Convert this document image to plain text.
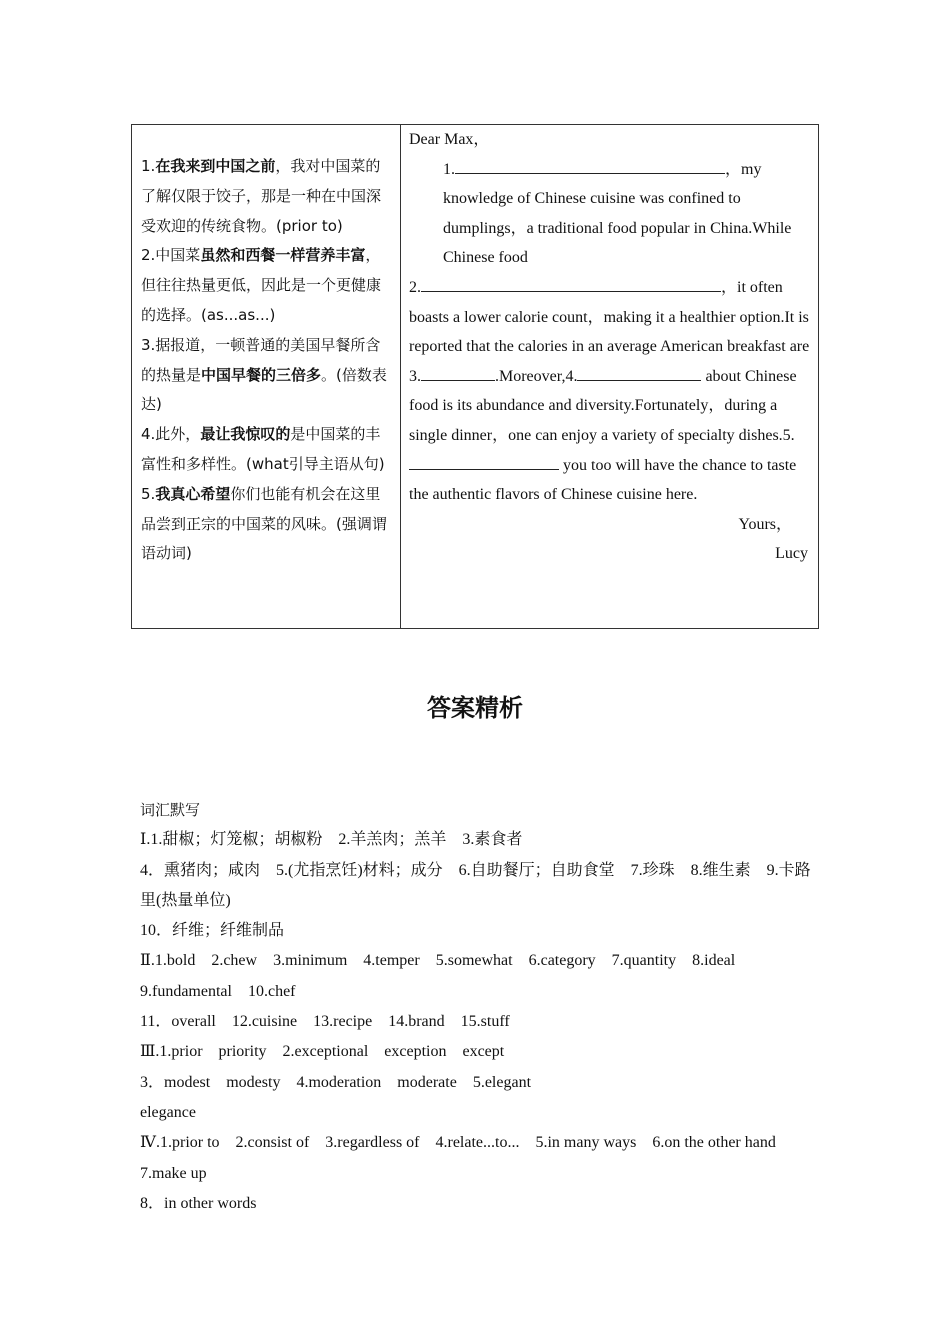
1.在我来到中国之前，我对中国菜的了解仅限于饺子，那是一种在中国深受欢迎的传统食物。(prior to)
2.中国菜虽然和西餐一样营养丰富，但往往热量更低，因此是一个更健康的选择。(as...as...)
3.据报道，一顿普通的美国早餐所含的热量是中国早餐的三倍多。(倍数表达)
4.此外，最让我惊叹的是中国菜的丰富性和多样性。(what引导主语从句)
5.我真心希望你们也能有机会在这里品尝到正宗的中国菜的风味。(强调谓语动词)
Dear Max，
1.	，my knowledge of Chinese cuisine was confined to dumplings，a traditional food popular in China.While Chinese food
2.	，it often boasts a lower calorie count，making it a healthier option.It is reported that the calories in an average American breakfast are
3.	.Moreover,4.	about Chinese food is its abundance and diversity.Fortunately，during a single dinner，one can enjoy a variety of specialty dishes.5. you too will have the chance to taste the authentic flavors of Chinese cuisine here.
Yours，
Lucy
答案精析
词汇默写
Ⅰ.1.甜椒；灯笼椒；胡椒粉　2.羊羔肉；羔羊　3.素食者
4．熏猪肉；咸肉　5.(尤指烹饪)材料；成分　6.自助餐厅；自助食堂　7.珍珠　8.维生素　9.卡路里(热量单位)
10．纤维；纤维制品
Ⅱ.1.bold　2.chew　3.minimum　4.temper　5.somewhat　6.category　7.quantity　8.ideal　9.fundamental　10.chef
11．overall　12.cuisine　13.recipe　14.brand　15.stuff
Ⅲ.1.prior　priority　2.exceptional　exception　except
3．modest　modesty　4.moderation　moderate　5.elegant
elegance
Ⅳ.1.prior to　2.consist of　3.regardless of　4.relate...to...　5.in many ways　6.on the other hand　7.make up
8．in other words
